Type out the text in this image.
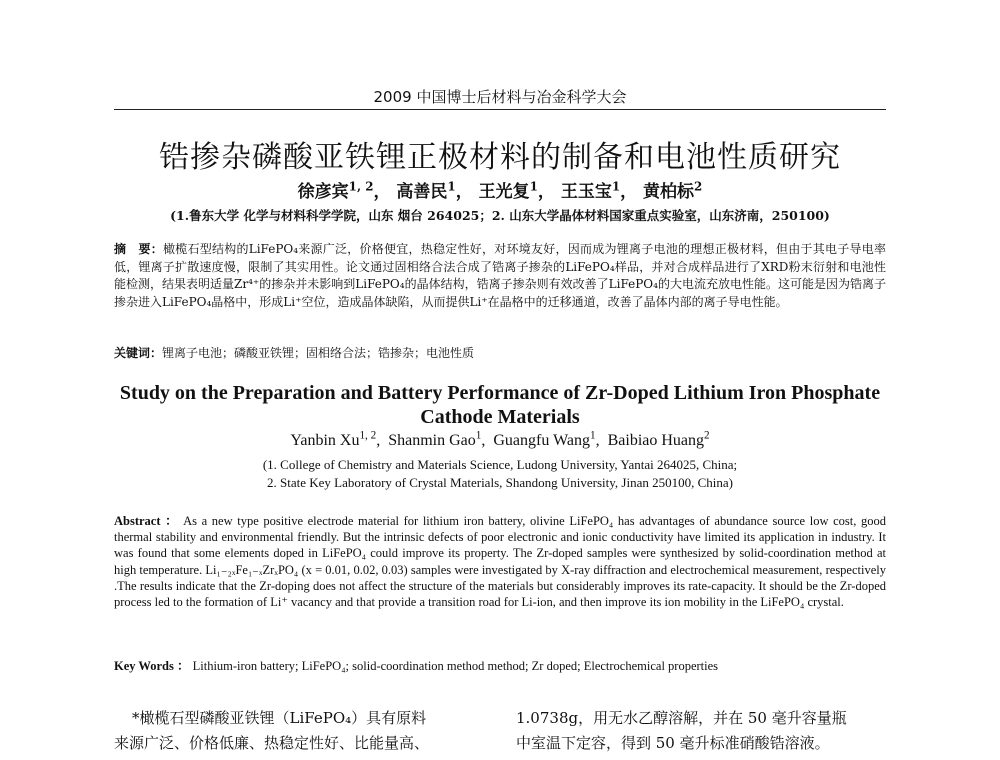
2009 中国博士后材料与冶金科学大会
锆掺杂磷酸亚铁锂正极材料的制备和电池性质研究
徐彦宾$^{1, 2}$， 高善民$^1$， 王光复$^1$， 王玉宝$^1$， 黄柏标$^2$
(1.鲁东大学 化学与材料科学学院，山东 烟台 264025；2. 山东大学晶体材料国家重点实验室，山东济南，250100)
摘　要：橄榄石型结构的LiFePO₄来源广泛，价格便宜，热稳定性好，对环境友好，因而成为锂离子电池的理想正极材料，但由于其电子导电率低，锂离子扩散速度慢，限制了其实用性。论文通过固相络合法合成了锆离子掺杂的LiFePO₄样品，并对合成样品进行了XRD粉末衍射和电池性能检测，结果表明适量Zr⁴⁺的掺杂并未影响到LiFePO₄的晶体结构，锆离子掺杂则有效改善了LiFePO₄的大电流充放电性能。这可能是因为锆离子掺杂进入LiFePO₄晶格中，形成Li⁺空位，造成晶体缺陷，从而提供Li⁺在晶格中的迁移通道，改善了晶体内部的离子导电性能。
关键词：锂离子电池；磷酸亚铁锂；固相络合法；锆掺杂；电池性质
Study on the Preparation and Battery Performance of Zr-Doped Lithium Iron Phosphate Cathode Materials
Yanbin Xu$^{1, 2}$,  Shanmin Gao$^1$,  Guangfu Wang$^1$,  Baibiao Huang$^2$
(1. College of Chemistry and Materials Science, Ludong University, Yantai 264025, China;
2. State Key Laboratory of Crystal Materials, Shandong University, Jinan 250100, China)
Abstract ： As a new type positive electrode material for lithium iron battery, olivine LiFePO₄ has advantages of abundance source low cost, good thermal stability and environmental friendly. But the intrinsic defects of poor electronic and ionic conductivity have limited its application in industry. It was found that some elements doped in LiFePO₄ could improve its property. The Zr-doped samples were synthesized by solid-coordination method at high temperature. Li₁₋₂ₓFe₁₋ₓZrₓPO₄ (x = 0.01, 0.02, 0.03) samples were investigated by X-ray diffraction and electrochemical measurement, respectively .The results indicate that the Zr-doping does not affect the structure of the materials but considerably improves its rate-capacity. It should be the Zr-doped process led to the formation of Li⁺ vacancy and that provide a transition road for Li-ion, and then improve its ion mobility in the LiFePO₄ crystal.
Key Words ： Lithium-iron battery; LiFePO₄; solid-coordination method method; Zr doped; Electrochemical properties
*橄榄石型磷酸亚铁锂（LiFePO₄）具有原料
来源广泛、价格低廉、热稳定性好、比能量高、
1.0738g，用无水乙醇溶解，并在 50 毫升容量瓶
中室温下定容，得到 50 毫升标准硝酸锆溶液。
